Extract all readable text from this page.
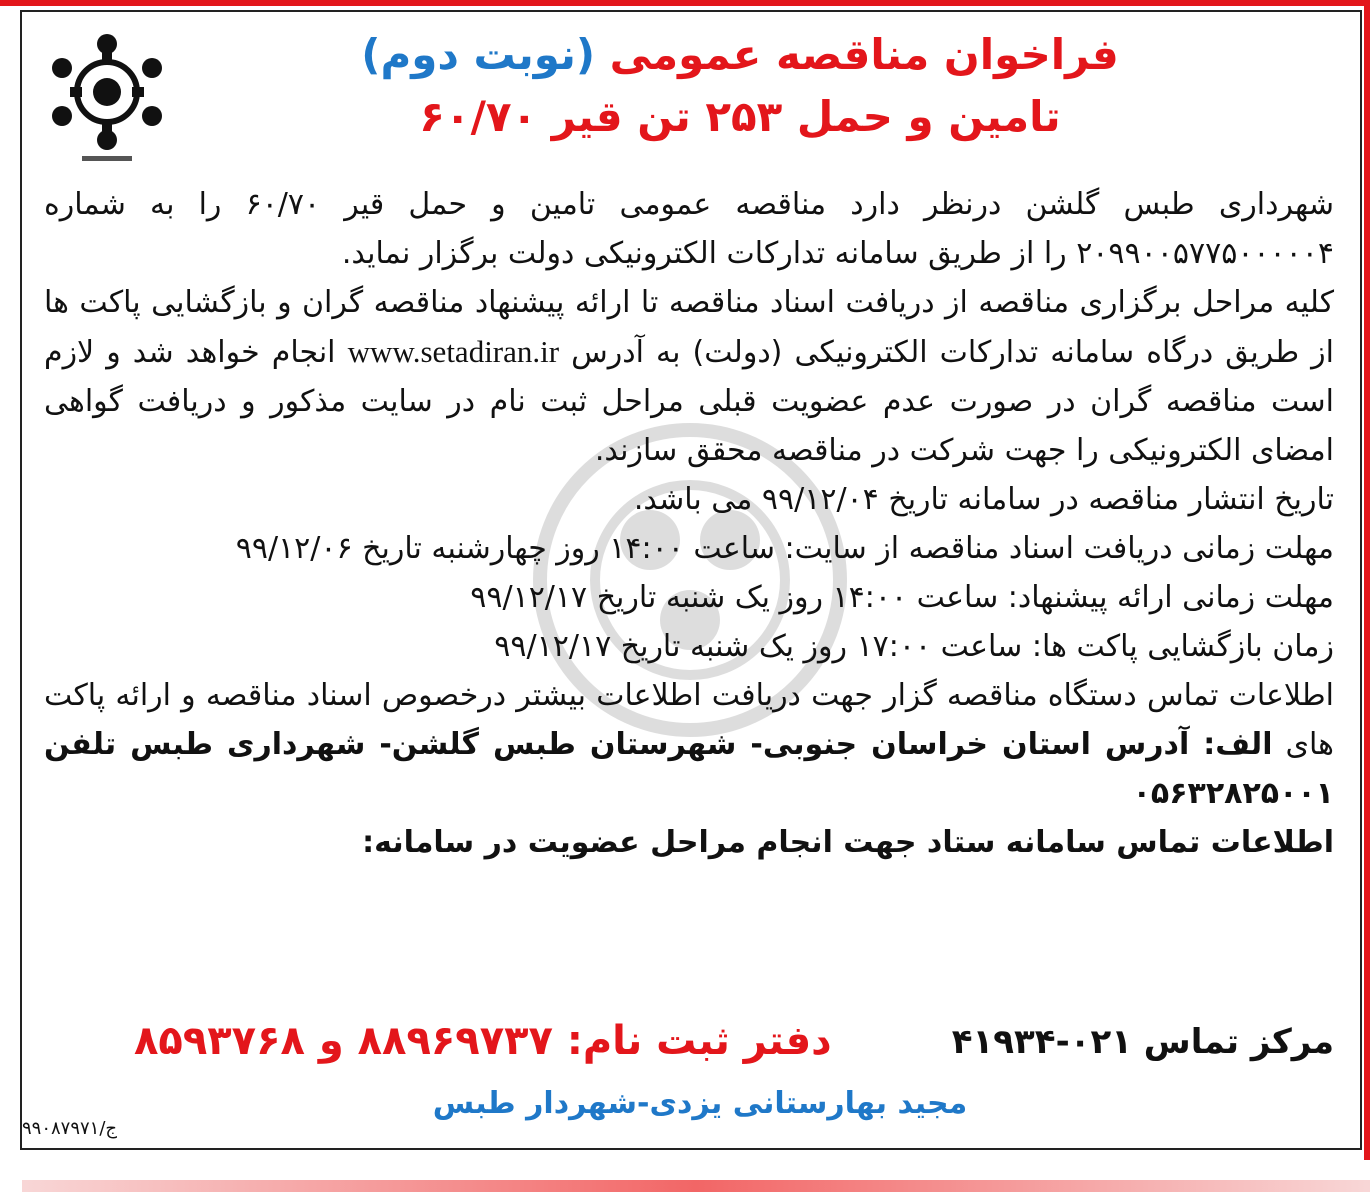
فراخوان مناقصه عمومی (نوبت دوم)
تامین و حمل ۲۵۳ تن قیر ۶۰/۷۰

شهرداری طبس گلشن درنظر دارد مناقصه عمومی تامین و حمل قیر ۶۰/۷۰ را به شماره ۲۰۹۹۰۰۵۷۷۵۰۰۰۰۰۴ را از طریق سامانه تدارکات الکترونیکی دولت برگزار نماید.

کلیه مراحل برگزاری مناقصه از دریافت اسناد مناقصه تا ارائه پیشنهاد مناقصه گران و بازگشایی پاکت ها از طریق درگاه سامانه تدارکات الکترونیکی (دولت) به آدرس www.setadiran.ir انجام خواهد شد و لازم است مناقصه گران در صورت عدم عضویت قبلی مراحل ثبت نام در سایت مذکور و دریافت گواهی امضای الکترونیکی را جهت شرکت در مناقصه محقق سازند.

تاریخ انتشار مناقصه در سامانه تاریخ ۹۹/۱۲/۰۴ می باشد.

مهلت زمانی دریافت اسناد مناقصه از سایت: ساعت ۱۴:۰۰ روز چهارشنبه تاریخ ۹۹/۱۲/۰۶

مهلت زمانی ارائه پیشنهاد: ساعت ۱۴:۰۰ روز یک شنبه تاریخ ۹۹/۱۲/۱۷

زمان بازگشایی پاکت ها: ساعت ۱۷:۰۰ روز یک شنبه تاریخ ۹۹/۱۲/۱۷

اطلاعات تماس دستگاه مناقصه گزار جهت دریافت اطلاعات بیشتر درخصوص اسناد مناقصه و ارائه پاکت های الف: آدرس استان خراسان جنوبی- شهرستان طبس گلشن- شهرداری طبس تلفن ۰۵۶۳۲۸۲۵۰۰۱

اطلاعات تماس سامانه ستاد جهت انجام مراحل عضویت در سامانه:

مرکز تماس ۰۲۱-۴۱۹۳۴
دفتر ثبت نام: ۸۸۹۶۹۷۳۷ و ۸۵۹۳۷۶۸
مجید بهارستانی یزدی-شهردار طبس
ج/۹۹۰۸۷۹۷۱
